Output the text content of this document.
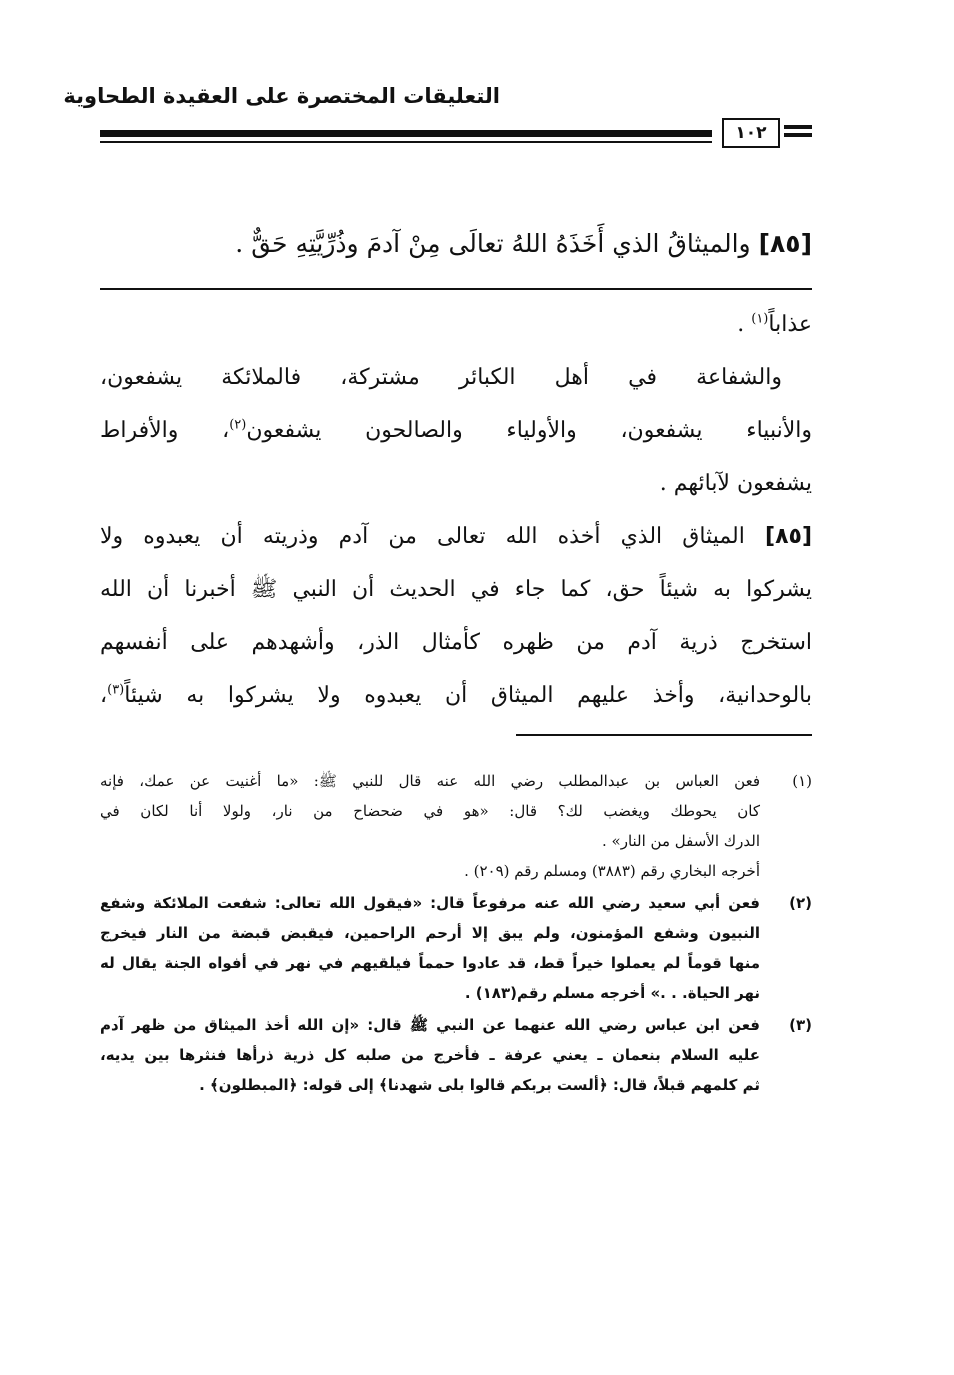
التعليقات المختصرة على العقيدة الطحاوية
١٠٢
[٨٥] والميثاقُ الذي أَخَذَهُ اللهُ تعالَى مِنْ آدمَ وذُرِّيَّتِهِ حَقٌّ .
عذاباً$^{(١)}$ .
والشفاعة في أهل الكبائر مشتركة، فالملائكة يشفعون،
والأنبياء يشفعون، والأولياء والصالحون يشفعون$^{(٢)}$، والأفراط
يشفعون لآبائهم .
[٨٥] الميثاق الذي أخذه الله تعالى من آدم وذريته أن يعبدوه ولا
يشركوا به شيئاً حق، كما جاء في الحديث أن النبي ﷺ أخبرنا أن الله
استخرج ذرية آدم من ظهره كأمثال الذر، وأشهدهم على أنفسهم
بالوحدانية، وأخذ عليهم الميثاق أن يعبدوه ولا يشركوا به شيئاً$^{(٣)}$،
(١)
فعن العباس بن عبدالمطلب رضي الله عنه قال للنبي ﷺ: «ما أغنيت عن عمك، فإنه
كان يحوطك ويغضب لك؟ قال: «هو في ضحضاح من نار، ولولا أنا لكان في
الدرك الأسفل من النار» .
أخرجه البخاري رقم (٣٨٨٣) ومسلم رقم (٢٠٩) .
(٢)
فعن أبي سعيد رضي الله عنه مرفوعاً قال: «فيقول الله تعالى: شفعت الملائكة وشفع
النبيون وشفع المؤمنون، ولم يبق إلا أرحم الراحمين، فيقبض قبضة من النار فيخرج
منها قوماً لم يعملوا خيراً قط، قد عادوا حمماً فيلقيهم في نهر في أفواه الجنة يقال له
نهر الحياة. . .» أخرجه مسلم رقم(١٨٣) .
(٣)
فعن ابن عباس رضي الله عنهما عن النبي ﷺ قال: «إن الله أخذ الميثاق من ظهر آدم
عليه السلام بنعمان ـ يعني عرفة ـ فأخرج من صلبه كل ذرية ذرأها فنثرها بين يديه،
ثم كلمهم قبلاً، قال: ﴿ألست بربكم قالوا بلى شهدنا﴾ إلى قوله: ﴿المبطلون﴾ .
